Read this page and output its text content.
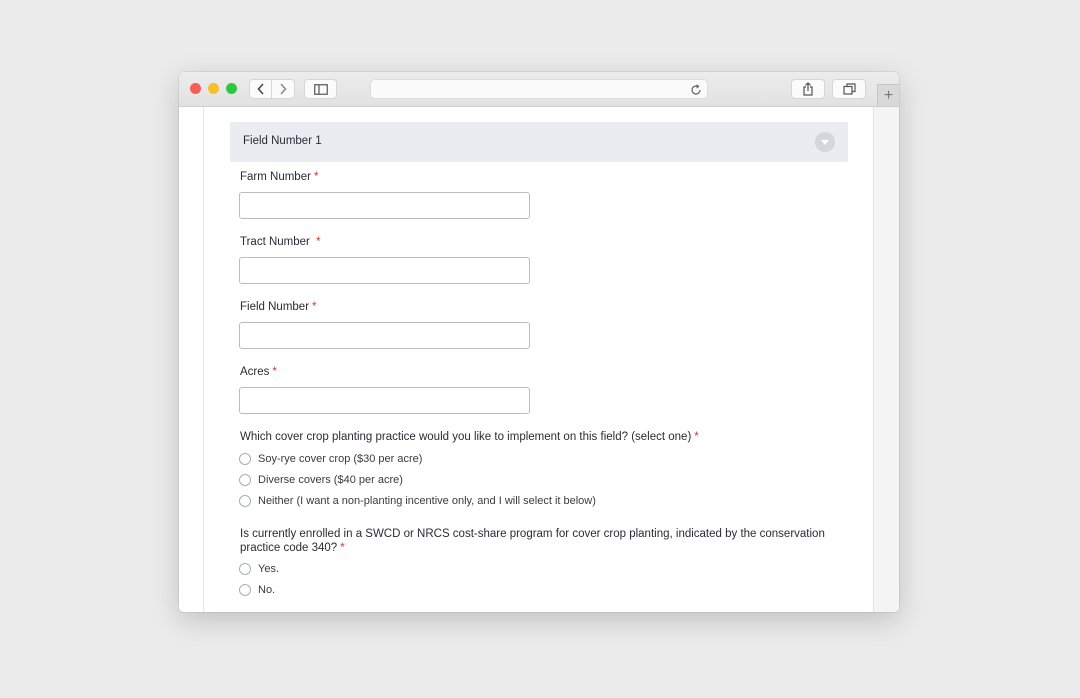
+
Field Number 1
Farm Number *
Tract Number *
Field Number *
Acres *
Which cover crop planting practice would you like to implement on this field? (select one) *
Soy-rye cover crop ($30 per acre)
Diverse covers ($40 per acre)
Neither (I want a non-planting incentive only, and I will select it below)
Is currently enrolled in a SWCD or NRCS cost-share program for cover crop planting, indicated by the conservation practice code 340? *
Yes.
No.
